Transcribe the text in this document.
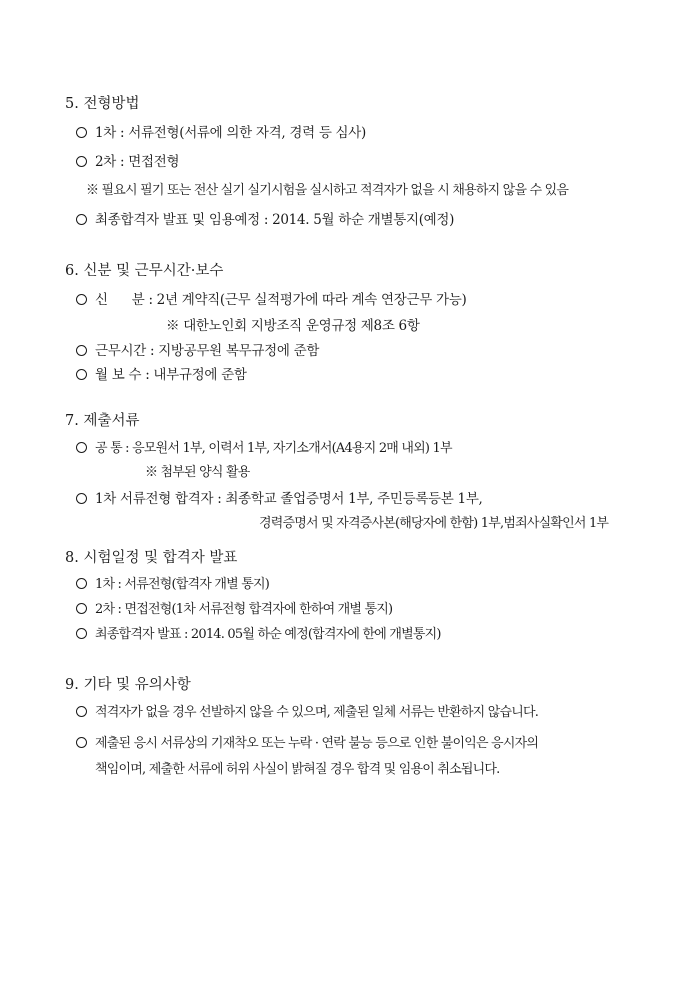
5. 전형방법
1차 : 서류전형(서류에 의한 자격, 경력 등 심사)
2차 : 면접전형
※ 필요시 필기 또는 전산 실기 실기시험을 실시하고 적격자가 없을 시 채용하지 않을 수 있음
최종합격자 발표 및 임용예정 : 2014. 5월 하순 개별통지(예정)
6. 신분 및 근무시간·보수
신      분 : 2년 계약직(근무 실적평가에 따라 계속 연장근무 가능)
※ 대한노인회 지방조직 운영규정 제8조 6항
근무시간 : 지방공무원 복무규정에 준함
월 보 수 : 내부규정에 준함
7. 제출서류
공 통 : 응모원서 1부, 이력서 1부, 자기소개서(A4용지 2매 내외) 1부
※ 첨부된 양식 활용
1차 서류전형 합격자 : 최종학교 졸업증명서 1부, 주민등록등본 1부,
경력증명서 및 자격증사본(해당자에 한함) 1부,범죄사실확인서 1부
8. 시험일정 및 합격자 발표
1차 : 서류전형(합격자 개별 통지)
2차 : 면접전형(1차 서류전형 합격자에 한하여 개별 통지)
최종합격자 발표 : 2014. 05월 하순 예정(합격자에 한에 개별통지)
9. 기타 및 유의사항
적격자가 없을 경우 선발하지 않을 수 있으며, 제출된 일체 서류는 반환하지 않습니다.
제출된 응시 서류상의 기재착오 또는 누락 · 연락 불능 등으로 인한 불이익은 응시자의
책임이며, 제출한 서류에 허위 사실이 밝혀질 경우 합격 및 임용이 취소됩니다.
